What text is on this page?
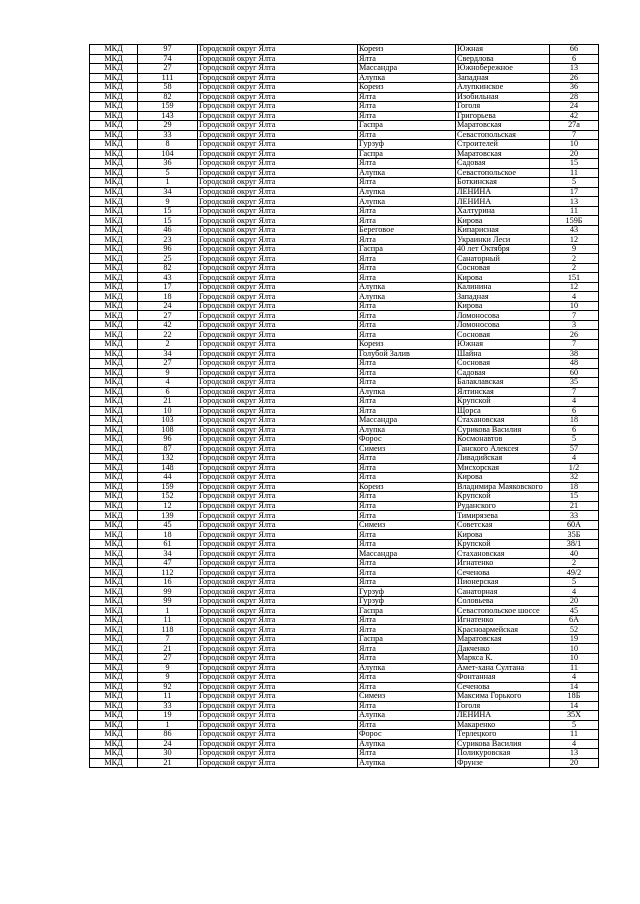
МКД	97	Городской округ Ялта	Кореиз	Южная	66
МКД	74	Городской округ Ялта	Ялта	Свердлова	6
МКД	27	Городской округ Ялта	Массандра	Южнобережное	13
МКД	111	Городской округ Ялта	Алупка	Западная	26
МКД	58	Городской округ Ялта	Кореиз	Алупкинское	36
МКД	82	Городской округ Ялта	Ялта	Изобильная	28
МКД	159	Городской округ Ялта	Ялта	Гоголя	24
МКД	143	Городской округ Ялта	Ялта	Григорьева	42
МКД	29	Городской округ Ялта	Гаспра	Маратовская	27а
МКД	33	Городской округ Ялта	Ялта	Севастопольская	7
МКД	8	Городской округ Ялта	Гурзуф	Строителей	10
МКД	104	Городской округ Ялта	Гаспра	Маратовская	20
МКД	36	Городской округ Ялта	Ялта	Садовая	15
МКД	5	Городской округ Ялта	Алупка	Севастопольское	11
МКД	1	Городской округ Ялта	Ялта	Боткинская	5
МКД	34	Городской округ Ялта	Алупка	ЛЕНИНА	17
МКД	9	Городской округ Ялта	Алупка	ЛЕНИНА	13
МКД	15	Городской округ Ялта	Ялта	Халтурина	11
МКД	15	Городской округ Ялта	Ялта	Кирова	159Б
МКД	46	Городской округ Ялта	Береговое	Кипарисная	43
МКД	23	Городской округ Ялта	Ялта	Украинки Леси	12
МКД	96	Городской округ Ялта	Гаспра	40 лет Октября	9
МКД	25	Городской округ Ялта	Ялта	Санаторный	2
МКД	82	Городской округ Ялта	Ялта	Сосновая	2
МКД	43	Городской округ Ялта	Ялта	Кирова	151
МКД	17	Городской округ Ялта	Алупка	Калинина	12
МКД	18	Городской округ Ялта	Алупка	Западная	4
МКД	24	Городской округ Ялта	Ялта	Кирова	10
МКД	27	Городской округ Ялта	Ялта	Ломоносова	7
МКД	42	Городской округ Ялта	Ялта	Ломоносова	3
МКД	22	Городской округ Ялта	Ялта	Сосновая	26
МКД	2	Городской округ Ялта	Кореиз	Южная	7
МКД	34	Городской округ Ялта	Голубой Залив	Шайна	38
МКД	27	Городской округ Ялта	Ялта	Сосновая	48
МКД	9	Городской округ Ялта	Ялта	Садовая	60
МКД	4	Городской округ Ялта	Ялта	Балаклавская	35
МКД	6	Городской округ Ялта	Алупка	Ялтинская	7
МКД	21	Городской округ Ялта	Ялта	Крупской	4
МКД	10	Городской округ Ялта	Ялта	Щорса	6
МКД	103	Городской округ Ялта	Массандра	Стахановская	18
МКД	108	Городской округ Ялта	Алупка	Сурикова Василия	6
МКД	96	Городской округ Ялта	Форос	Космонавтов	5
МКД	87	Городской округ Ялта	Симеиз	Ганского Алексея	57
МКД	132	Городской округ Ялта	Ялта	Ливадийская	4
МКД	148	Городской округ Ялта	Ялта	Мисхорская	1/2
МКД	44	Городской округ Ялта	Ялта	Кирова	32
МКД	159	Городской округ Ялта	Кореиз	Владимира Маяковского	18
МКД	152	Городской округ Ялта	Ялта	Крупской	15
МКД	12	Городской округ Ялта	Ялта	Руданского	21
МКД	139	Городской округ Ялта	Ялта	Тимирязева	33
МКД	45	Городской округ Ялта	Симеиз	Советская	60А
МКД	18	Городской округ Ялта	Ялта	Кирова	35Б
МКД	61	Городской округ Ялта	Ялта	Крупской	38/1
МКД	34	Городской округ Ялта	Массандра	Стахановская	40
МКД	47	Городской округ Ялта	Ялта	Игнатенко	2
МКД	112	Городской округ Ялта	Ялта	Сеченова	49/2
МКД	16	Городской округ Ялта	Ялта	Пионерская	5
МКД	99	Городской округ Ялта	Гурзуф	Санаторная	4
МКД	99	Городской округ Ялта	Гурзуф	Соловьева	20
МКД	1	Городской округ Ялта	Гаспра	Севастопольское шоссе	45
МКД	11	Городской округ Ялта	Ялта	Игнатенко	6А
МКД	118	Городской округ Ялта	Ялта	Красноармейская	52
МКД	7	Городской округ Ялта	Гаспра	Маратовская	19
МКД	21	Городской округ Ялта	Ялта	Дакченко	10
МКД	27	Городской округ Ялта	Ялта	Маркса К.	10
МКД	9	Городской округ Ялта	Алупка	Амет-хана Султана	11
МКД	9	Городской округ Ялта	Ялта	Фонтанная	4
МКД	92	Городской округ Ялта	Ялта	Сеченова	14
МКД	11	Городской округ Ялта	Симеиз	Максима Горького	18Б
МКД	33	Городской округ Ялта	Ялта	Гоголя	14
МКД	19	Городской округ Ялта	Алупка	ЛЕНИНА	35Х
МКД	1	Городской округ Ялта	Ялта	Макаренко	5
МКД	86	Городской округ Ялта	Форос	Терлецкого	11
МКД	24	Городской округ Ялта	Алупка	Сурикова Василия	4
МКД	30	Городской округ Ялта	Ялта	Поликуровская	13
МКД	21	Городской округ Ялта	Алупка	Фрунзе	20
